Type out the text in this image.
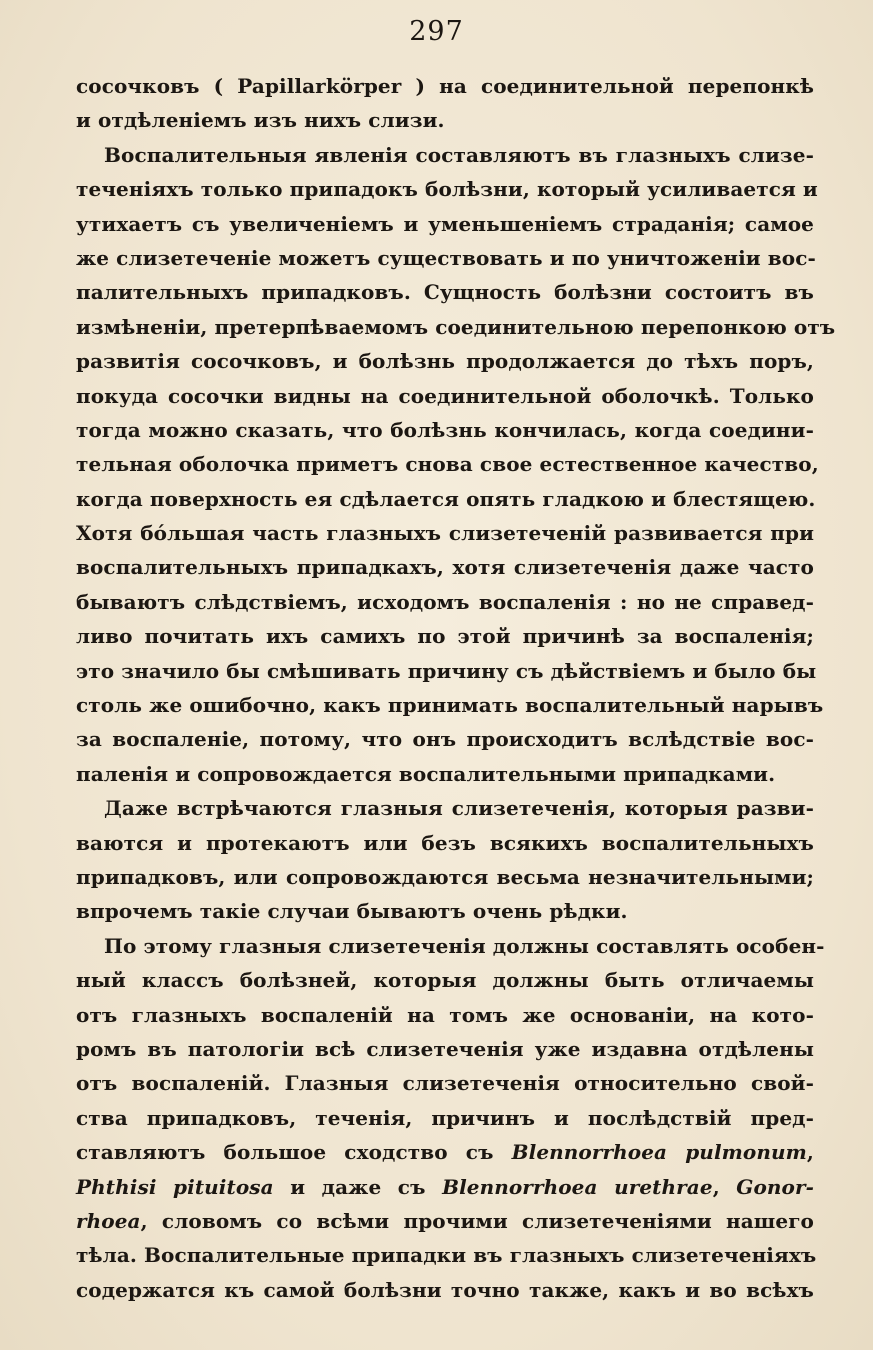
297
сосочковъ ( Papillarkörper ) на соединительной перепонкѣ
и отдѣленіемъ изъ нихъ слизи.
Воспалительныя явленія составляютъ въ глазныхъ слизе-
теченіяхъ только припадокъ болѣзни, который усиливается и
утихаетъ съ увеличеніемъ и уменьшеніемъ страданія; самое
же слизетеченіе можетъ существовать и по уничтоженіи вос-
палительныхъ припадковъ. Сущность болѣзни состоитъ въ
измѣненіи, претерпѣваемомъ соединительною перепонкою отъ
развитія сосочковъ, и болѣзнь продолжается до тѣхъ поръ,
покуда сосочки видны на соединительной оболочкѣ. Только
тогда можно сказать, что болѣзнь кончилась, когда соедини-
тельная оболочка приметъ снова свое естественное качество,
когда поверхность ея сдѣлается опять гладкою и блестящею.
Хотя бóльшая часть глазныхъ слизетеченій развивается при
воспалительныхъ припадкахъ, хотя слизетеченія даже часто
бываютъ слѣдствіемъ, исходомъ воспаленія : но не справед-
ливо почитать ихъ самихъ по этой причинѣ за воспаленія;
это значило бы смѣшивать причину съ дѣйствіемъ и было бы
столь же ошибочно, какъ принимать воспалительный нарывъ
за воспаленіе, потому, что онъ происходитъ вслѣдствіе вос-
паленія и сопровождается воспалительными припадками.
Даже встрѣчаются глазныя слизетеченія, которыя разви-
ваются и протекаютъ или безъ всякихъ воспалительныхъ
припадковъ, или сопровождаются весьма незначительными;
впрочемъ такіе случаи бываютъ очень рѣдки.
По этому глазныя слизетеченія должны составлять особен-
ный классъ болѣзней, которыя должны быть отличаемы
отъ глазныхъ воспаленій на томъ же основаніи, на кото-
ромъ въ патологіи всѣ слизетеченія уже издавна отдѣлены
отъ воспаленій. Глазныя слизетеченія относительно свой-
ства припадковъ, теченія, причинъ и послѣдствій пред-
ставляютъ большое сходство съ Blennorrhoea pulmonum,
Phthisi pituitosa и даже съ Blennorrhoea urethrae, Gonor-
rhoea, словомъ со всѣми прочими слизетеченіями нашего
тѣла. Воспалительные припадки въ глазныхъ слизетеченіяхъ
содержатся къ самой болѣзни точно также, какъ и во всѣхъ
